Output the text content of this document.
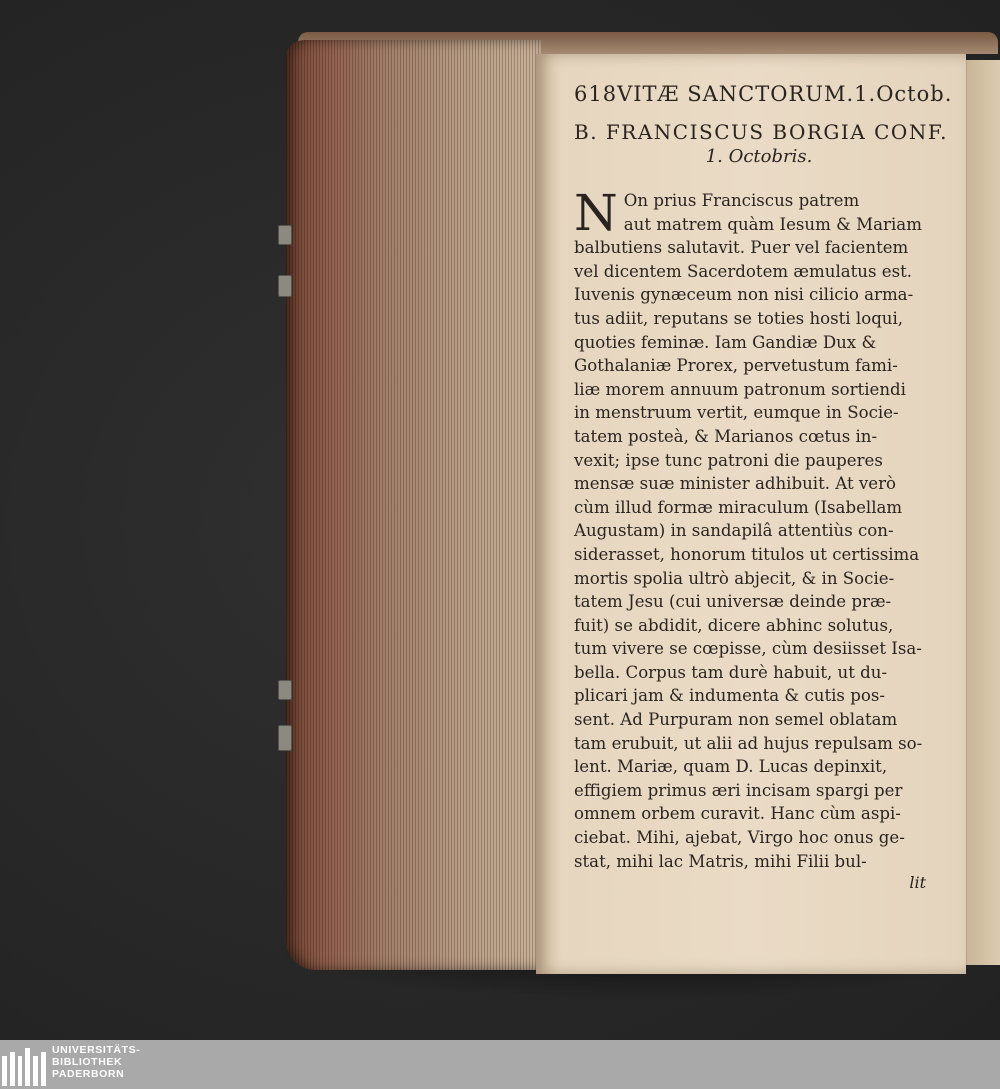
618 VITÆ SANCTORUM. 1.Octob.
B. FRANCISCUS BORGIA CONF.
1. Octobris.
N On prius Franciscus patrem
aut matrem quàm Iesum & Mariam
balbutiens salutavit. Puer vel facientem
vel dicentem Sacerdotem æmulatus est.
Iuvenis gynæceum non nisi cilicio arma-
tus adiit, reputans se toties hosti loqui,
quoties feminæ. Iam Gandiæ Dux &
Gothalaniæ Prorex, pervetustum fami-
liæ morem annuum patronum sortiendi
in menstruum vertit, eumque in Socie-
tatem posteà, & Marianos cœtus in-
vexit; ipse tunc patroni die pauperes
mensæ suæ minister adhibuit. At verò
cùm illud formæ miraculum (Isabellam
Augustam) in sandapilâ attentiùs con-
siderasset, honorum titulos ut certissima
mortis spolia ultrò abjecit, & in Socie-
tatem Jesu (cui universæ deinde præ-
fuit) se abdidit, dicere abhinc solutus,
tum vivere se cœpisse, cùm desiisset Isa-
bella. Corpus tam durè habuit, ut du-
plicari jam & indumenta & cutis pos-
sent. Ad Purpuram non semel oblatam
tam erubuit, ut alii ad hujus repulsam so-
lent. Mariæ, quam D. Lucas depinxit,
effigiem primus æri incisam spargi per
omnem orbem curavit. Hanc cùm aspi-
ciebat. Mihi, ajebat, Virgo hoc onus ge-
stat, mihi lac Matris, mihi Filii bul-
lit
UNIVERSITÄTS-
BIBLIOTHEK
PADERBORN
